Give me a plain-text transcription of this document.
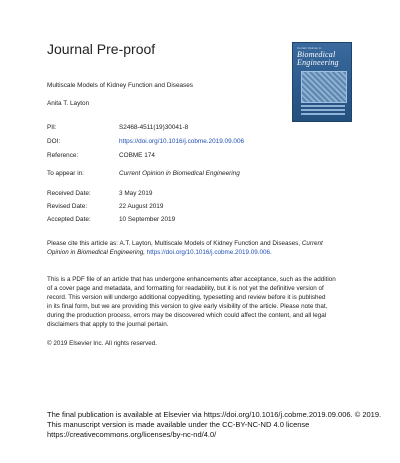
Journal Pre-proof	Current Opinion in
Biomedical
Engineering
Multiscale Models of Kidney Function and Diseases
Anita T. Layton
PII:	S2468-4511(19)30041-8
DOI:	https://doi.org/10.1016/j.cobme.2019.09.006
Reference:	COBME 174
To appear in:	Current Opinion in Biomedical Engineering
Received Date:	3 May 2019
Revised Date:	22 August 2019
Accepted Date:	10 September 2019
Please cite this article as: A.T. Layton, Multiscale Models of Kidney Function and Diseases, Current
Opinion in Biomedical Engineering, https://doi.org/10.1016/j.cobme.2019.09.006.
This is a PDF file of an article that has undergone enhancements after acceptance, such as the addition
of a cover page and metadata, and formatting for readability, but it is not yet the definitive version of
record. This version will undergo additional copyediting, typesetting and review before it is published
in its final form, but we are providing this version to give early visibility of the article. Please note that,
during the production process, errors may be discovered which could affect the content, and all legal
disclaimers that apply to the journal pertain.
© 2019 Elsevier Inc. All rights reserved.
The final publication is available at Elsevier via https://doi.org/10.1016/j.cobme.2019.09.006. © 2019.
This manuscript version is made available under the CC-BY-NC-ND 4.0 license
https://creativecommons.org/licenses/by-nc-nd/4.0/
